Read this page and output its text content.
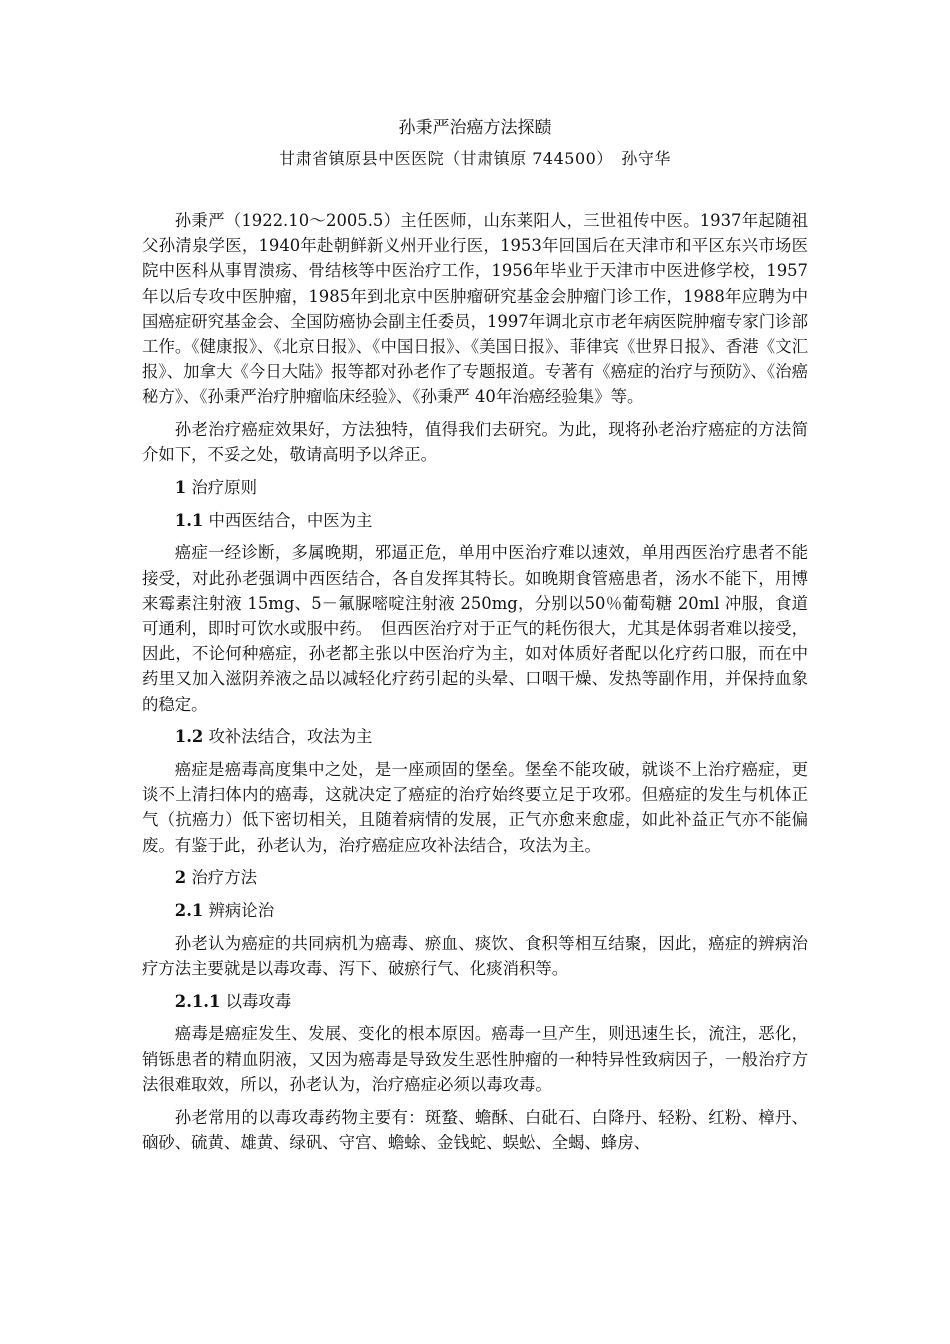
孙秉严治癌方法探赜
甘肃省镇原县中医医院（甘肃镇原 744500）　孙守华

孙秉严（1922.10～2005.5）主任医师，山东莱阳人，三世祖传中医。1937年起随祖父孙清泉学医，1940年赴朝鲜新义州开业行医，1953年回国后在天津市和平区东兴市场医院中医科从事胃溃疡、骨结核等中医治疗工作，1956年毕业于天津市中医进修学校，1957年以后专攻中医肿瘤，1985年到北京中医肿瘤研究基金会肿瘤门诊工作，1988年应聘为中国癌症研究基金会、全国防癌协会副主任委员，1997年调北京市老年病医院肿瘤专家门诊部工作。《健康报》、《北京日报》、《中国日报》、《美国日报》、菲律宾《世界日报》、香港《文汇报》、加拿大《今日大陆》报等都对孙老作了专题报道。专著有《癌症的治疗与预防》、《治癌秘方》、《孙秉严治疗肿瘤临床经验》、《孙秉严 40年治癌经验集》等。

孙老治疗癌症效果好，方法独特，值得我们去研究。为此，现将孙老治疗癌症的方法简介如下，不妥之处，敬请高明予以斧正。

1 治疗原则

1.1 中西医结合，中医为主

癌症一经诊断，多属晚期，邪逼正危，单用中医治疗难以速效，单用西医治疗患者不能接受，对此孙老强调中西医结合，各自发挥其特长。如晚期食管癌患者，汤水不能下，用博来霉素注射液 15mg、5－氟脲嘧啶注射液 250mg，分别以50％葡萄糖 20ml 冲服，食道可通利，即时可饮水或服中药。　但西医治疗对于正气的耗伤很大，尤其是体弱者难以接受，因此，不论何种癌症，孙老都主张以中医治疗为主，如对体质好者配以化疗药口服，而在中药里又加入滋阴养液之品以减轻化疗药引起的头晕、口咽干燥、发热等副作用，并保持血象的稳定。

1.2 攻补法结合，攻法为主

癌症是癌毒高度集中之处，是一座顽固的堡垒。堡垒不能攻破，就谈不上治疗癌症，更谈不上清扫体内的癌毒，这就决定了癌症的治疗始终要立足于攻邪。但癌症的发生与机体正气（抗癌力）低下密切相关，且随着病情的发展，正气亦愈来愈虚，如此补益正气亦不能偏废。有鉴于此，孙老认为，治疗癌症应攻补法结合，攻法为主。

2 治疗方法

2.1 辨病论治

孙老认为癌症的共同病机为癌毒、瘀血、痰饮、食积等相互结聚，因此，癌症的辨病治疗方法主要就是以毒攻毒、泻下、破瘀行气、化痰消积等。

2.1.1 以毒攻毒

癌毒是癌症发生、发展、变化的根本原因。癌毒一旦产生，则迅速生长，流注，恶化，销铄患者的精血阴液，又因为癌毒是导致发生恶性肿瘤的一种特异性致病因子，一般治疗方法很难取效，所以，孙老认为，治疗癌症必须以毒攻毒。

孙老常用的以毒攻毒药物主要有：斑蝥、蟾酥、白砒石、白降丹、轻粉、红粉、樟丹、硇砂、硫黄、雄黄、绿矾、守宫、蟾蜍、金钱蛇、蜈蚣、全蝎、蜂房、
